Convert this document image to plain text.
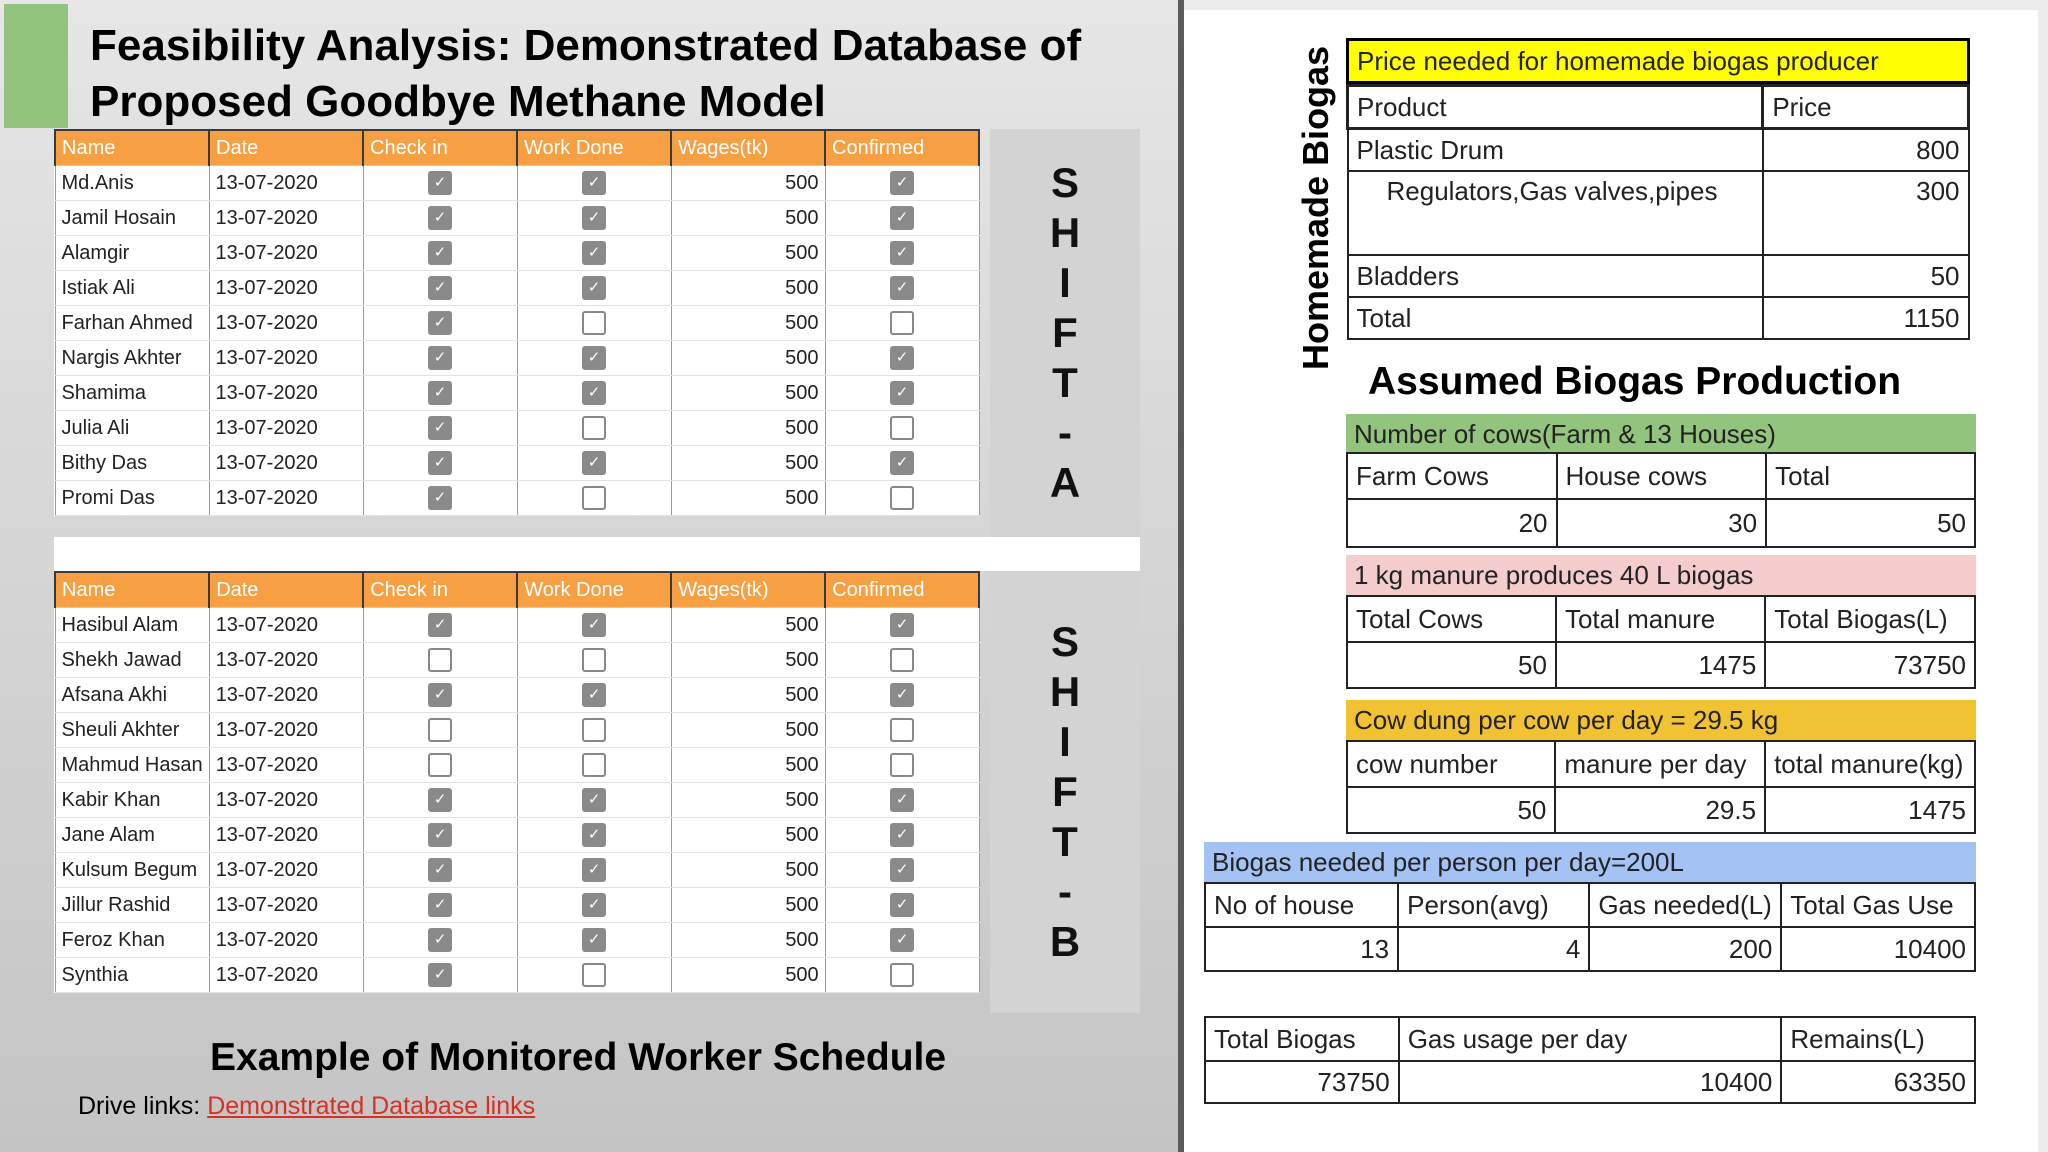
Feasibility Analysis: Demonstrated Database of Proposed Goodbye Methane Model
Name	Date	Check in	Work Done	Wages(tk)	Confirmed
Md.Anis	13-07-2020	✓	✓	500	✓
Jamil Hosain	13-07-2020	✓	✓	500	✓
Alamgir	13-07-2020	✓	✓	500	✓
Istiak Ali	13-07-2020	✓	✓	500	✓
Farhan Ahmed	13-07-2020	✓		500	
Nargis Akhter	13-07-2020	✓	✓	500	✓
Shamima	13-07-2020	✓	✓	500	✓
Julia Ali	13-07-2020	✓		500	
Bithy Das	13-07-2020	✓	✓	500	✓
Promi Das	13-07-2020	✓		500	
S
H
I
F
T
-
A
Name	Date	Check in	Work Done	Wages(tk)	Confirmed
Hasibul Alam	13-07-2020	✓	✓	500	✓
Shekh Jawad	13-07-2020			500	
Afsana Akhi	13-07-2020	✓	✓	500	✓
Sheuli Akhter	13-07-2020			500	
Mahmud Hasan	13-07-2020			500	
Kabir Khan	13-07-2020	✓	✓	500	✓
Jane Alam	13-07-2020	✓	✓	500	✓
Kulsum Begum	13-07-2020	✓	✓	500	✓
Jillur Rashid	13-07-2020	✓	✓	500	✓
Feroz Khan	13-07-2020	✓	✓	500	✓
Synthia	13-07-2020	✓		500	
S
H
I
F
T
-
B
Example of Monitored Worker Schedule
Drive links: Demonstrated Database links
Homemade Biogas Price needed for homemade biogas producer
Product	Price
Plastic Drum	800
Regulators,Gas valves,pipes	300
Bladders	50
Total	1150
Assumed Biogas Production
Number of cows(Farm & 13 Houses)
Farm Cows	House cows	Total
20	30	50
1 kg manure produces 40 L biogas
Total Cows	Total manure	Total Biogas(L)
50	1475	73750
Cow dung per cow per day = 29.5 kg
cow number	manure per day	total manure(kg)
50	29.5	1475
Biogas needed per person per day=200L
No of house	Person(avg)	Gas needed(L)	Total Gas Use
13	4	200	10400
Total Biogas	Gas usage per day	Remains(L)
73750	10400	63350
